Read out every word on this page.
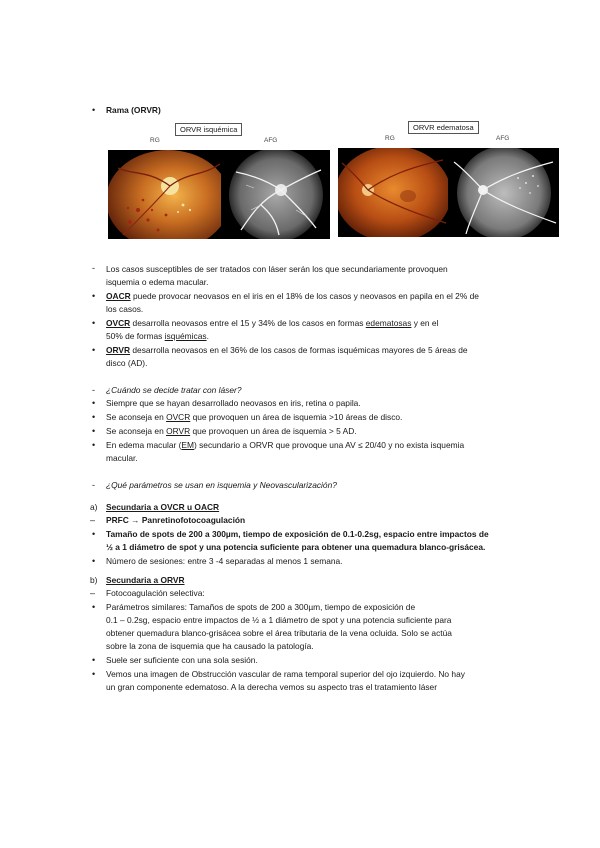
• Rama (ORVR)
ORVR isquémica
RG	AFG
ORVR edematosa
RG	AFG
- Los casos susceptibles de ser tratados con láser serán los que secundariamente provoquen
isquemia o edema macular.
• OACR puede provocar neovasos en el iris en el 18% de los casos y neovasos en papila en el 2% de
los casos.
• OVCR desarrolla neovasos entre el 15 y 34% de los casos en formas edematosas y en el
50% de formas isquémicas.
• ORVR desarrolla neovasos en el 36% de los casos de formas isquémicas mayores de 5 áreas de
disco (AD).
- ¿Cuándo se decide tratar con láser?
• Siempre que se hayan desarrollado neovasos en iris, retina o papila.
• Se aconseja en OVCR que provoquen un área de isquemia >10 áreas de disco.
• Se aconseja en ORVR que provoquen un área de isquemia > 5 AD.
• En edema macular (EM) secundario a ORVR que provoque una AV ≤ 20/40 y no exista isquemia
macular.
- ¿Qué parámetros se usan en isquemia y Neovascularización?
a) Secundaria a OVCR u OACR
– PRFC → Panretinofotocoagulación
• Tamaño de spots de 200 a 300µm, tiempo de exposición de 0.1-0.2sg, espacio entre impactos de
½ a 1 diámetro de spot y una potencia suficiente para obtener una quemadura blanco-grisácea.
• Número de sesiones: entre 3 -4 separadas al menos 1 semana.
b) Secundaria a ORVR
– Fotocoagulación selectiva:
• Parámetros similares: Tamaños de spots de 200 a 300µm, tiempo de exposición de
0.1 – 0.2sg, espacio entre impactos de ½ a 1 diámetro de spot y una potencia suficiente para
obtener quemadura blanco-grisácea sobre el área tributaria de la vena ocluida. Solo se actúa
sobre la zona de isquemia que ha causado la patología.
• Suele ser suficiente con una sola sesión.
• Vemos una imagen de Obstrucción vascular de rama temporal superior del ojo izquierdo. No hay
un gran componente edematoso. A la derecha vemos su aspecto tras el tratamiento láser
